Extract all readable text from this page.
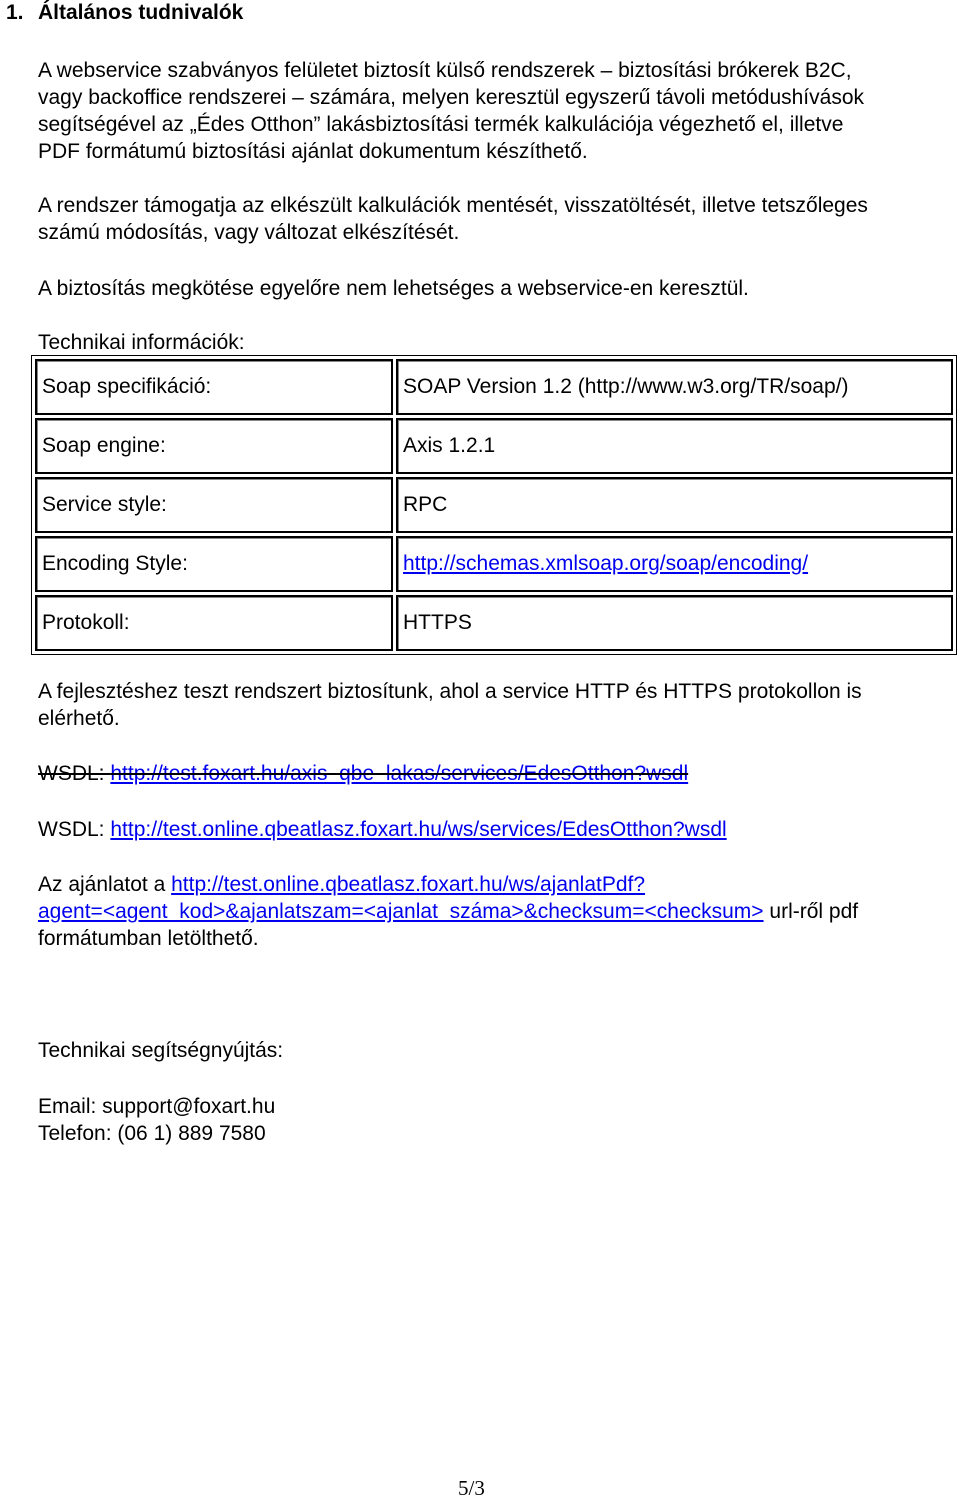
1. Általános tudnivalók
A webservice szabványos felületet biztosít külső rendszerek – biztosítási brókerek B2C,
vagy backoffice rendszerei – számára, melyen keresztül egyszerű távoli metódushívások
segítségével az „Édes Otthon” lakásbiztosítási termék kalkulációja végezhető el, illetve
PDF formátumú biztosítási ajánlat dokumentum készíthető.
A rendszer támogatja az elkészült kalkulációk mentését, visszatöltését, illetve tetszőleges
számú módosítás, vagy változat elkészítését.
A biztosítás megkötése egyelőre nem lehetséges a webservice-en keresztül.
Technikai információk:
Soap specifikáció:	SOAP Version 1.2 (http://www.w3.org/TR/soap/)
Soap engine:	Axis 1.2.1
Service style:	RPC
Encoding Style:	http://schemas.xmlsoap.org/soap/encoding/
Protokoll:	HTTPS
A fejlesztéshez teszt rendszert biztosítunk, ahol a service HTTP és HTTPS protokollon is
elérhető.
WSDL: http://test.foxart.hu/axis_qbe_lakas/services/EdesOtthon?wsdl
WSDL: http://test.online.qbeatlasz.foxart.hu/ws/services/EdesOtthon?wsdl
Az ajánlatot a http://test.online.qbeatlasz.foxart.hu/ws/ajanlatPdf?
agent=<agent_kod>&ajanlatszam=<ajanlat_száma>&checksum=<checksum> url-ről pdf
formátumban letölthető.
Technikai segítségnyújtás:
Email: support@foxart.hu
Telefon: (06 1) 889 7580
5/3
